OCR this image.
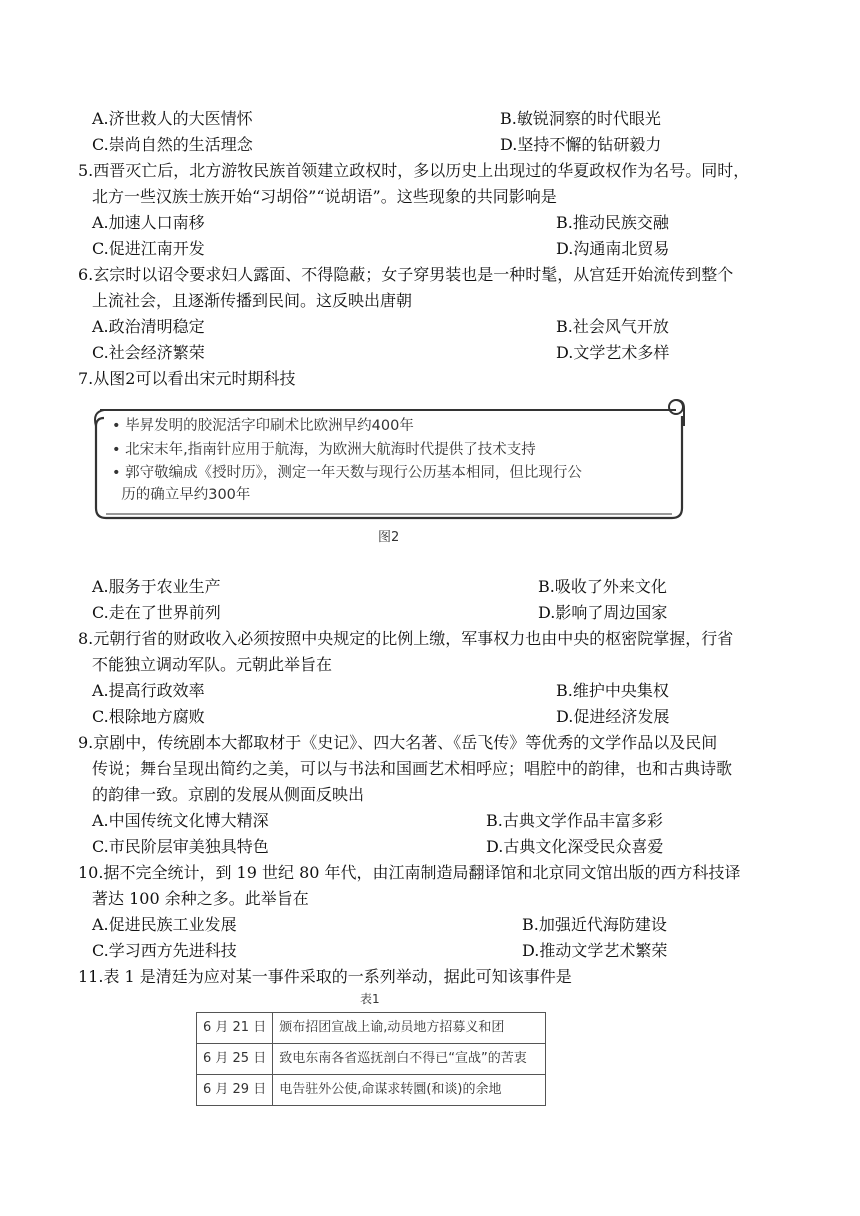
A.济世救人的大医情怀	B.敏锐洞察的时代眼光
C.崇尚自然的生活理念	D.坚持不懈的钻研毅力
5.西晋灭亡后，北方游牧民族首领建立政权时，多以历史上出现过的华夏政权作为名号。同时，
北方一些汉族士族开始“习胡俗”“说胡语”。这些现象的共同影响是
A.加速人口南移	B.推动民族交融
C.促进江南开发	D.沟通南北贸易
6.玄宗时以诏令要求妇人露面、不得隐蔽；女子穿男装也是一种时髦，从宫廷开始流传到整个
上流社会，且逐渐传播到民间。这反映出唐朝
A.政治清明稳定	B.社会风气开放
C.社会经济繁荣	D.文学艺术多样
7.从图2可以看出宋元时期科技
• 毕昇发明的胶泥活字印刷术比欧洲早约400年
• 北宋末年,指南针应用于航海，为欧洲大航海时代提供了技术支持
• 郭守敬编成《授时历》，测定一年天数与现行公历基本相同，但比现行公
历的确立早约300年
图2
A.服务于农业生产	B.吸收了外来文化
C.走在了世界前列	D.影响了周边国家
8.元朝行省的财政收入必须按照中央规定的比例上缴，军事权力也由中央的枢密院掌握，行省
不能独立调动军队。元朝此举旨在
A.提高行政效率	B.维护中央集权
C.根除地方腐败	D.促进经济发展
9.京剧中，传统剧本大都取材于《史记》、四大名著、《岳飞传》等优秀的文学作品以及民间
传说；舞台呈现出简约之美，可以与书法和国画艺术相呼应；唱腔中的韵律，也和古典诗歌
的韵律一致。京剧的发展从侧面反映出
A.中国传统文化博大精深	B.古典文学作品丰富多彩
C.市民阶层审美独具特色	D.古典文化深受民众喜爱
10.据不完全统计，到 19 世纪 80 年代，由江南制造局翻译馆和北京同文馆出版的西方科技译
著达 100 余种之多。此举旨在
A.促进民族工业发展	B.加强近代海防建设
C.学习西方先进科技	D.推动文学艺术繁荣
11.表 1 是清廷为应对某一事件采取的一系列举动，据此可知该事件是
表1
6 月 21 日	颁布招团宣战上谕,动员地方招募义和团
6 月 25 日	致电东南各省巡抚剖白不得已“宣战”的苦衷
6 月 29 日	电告驻外公使,命谋求转圜(和谈)的余地
